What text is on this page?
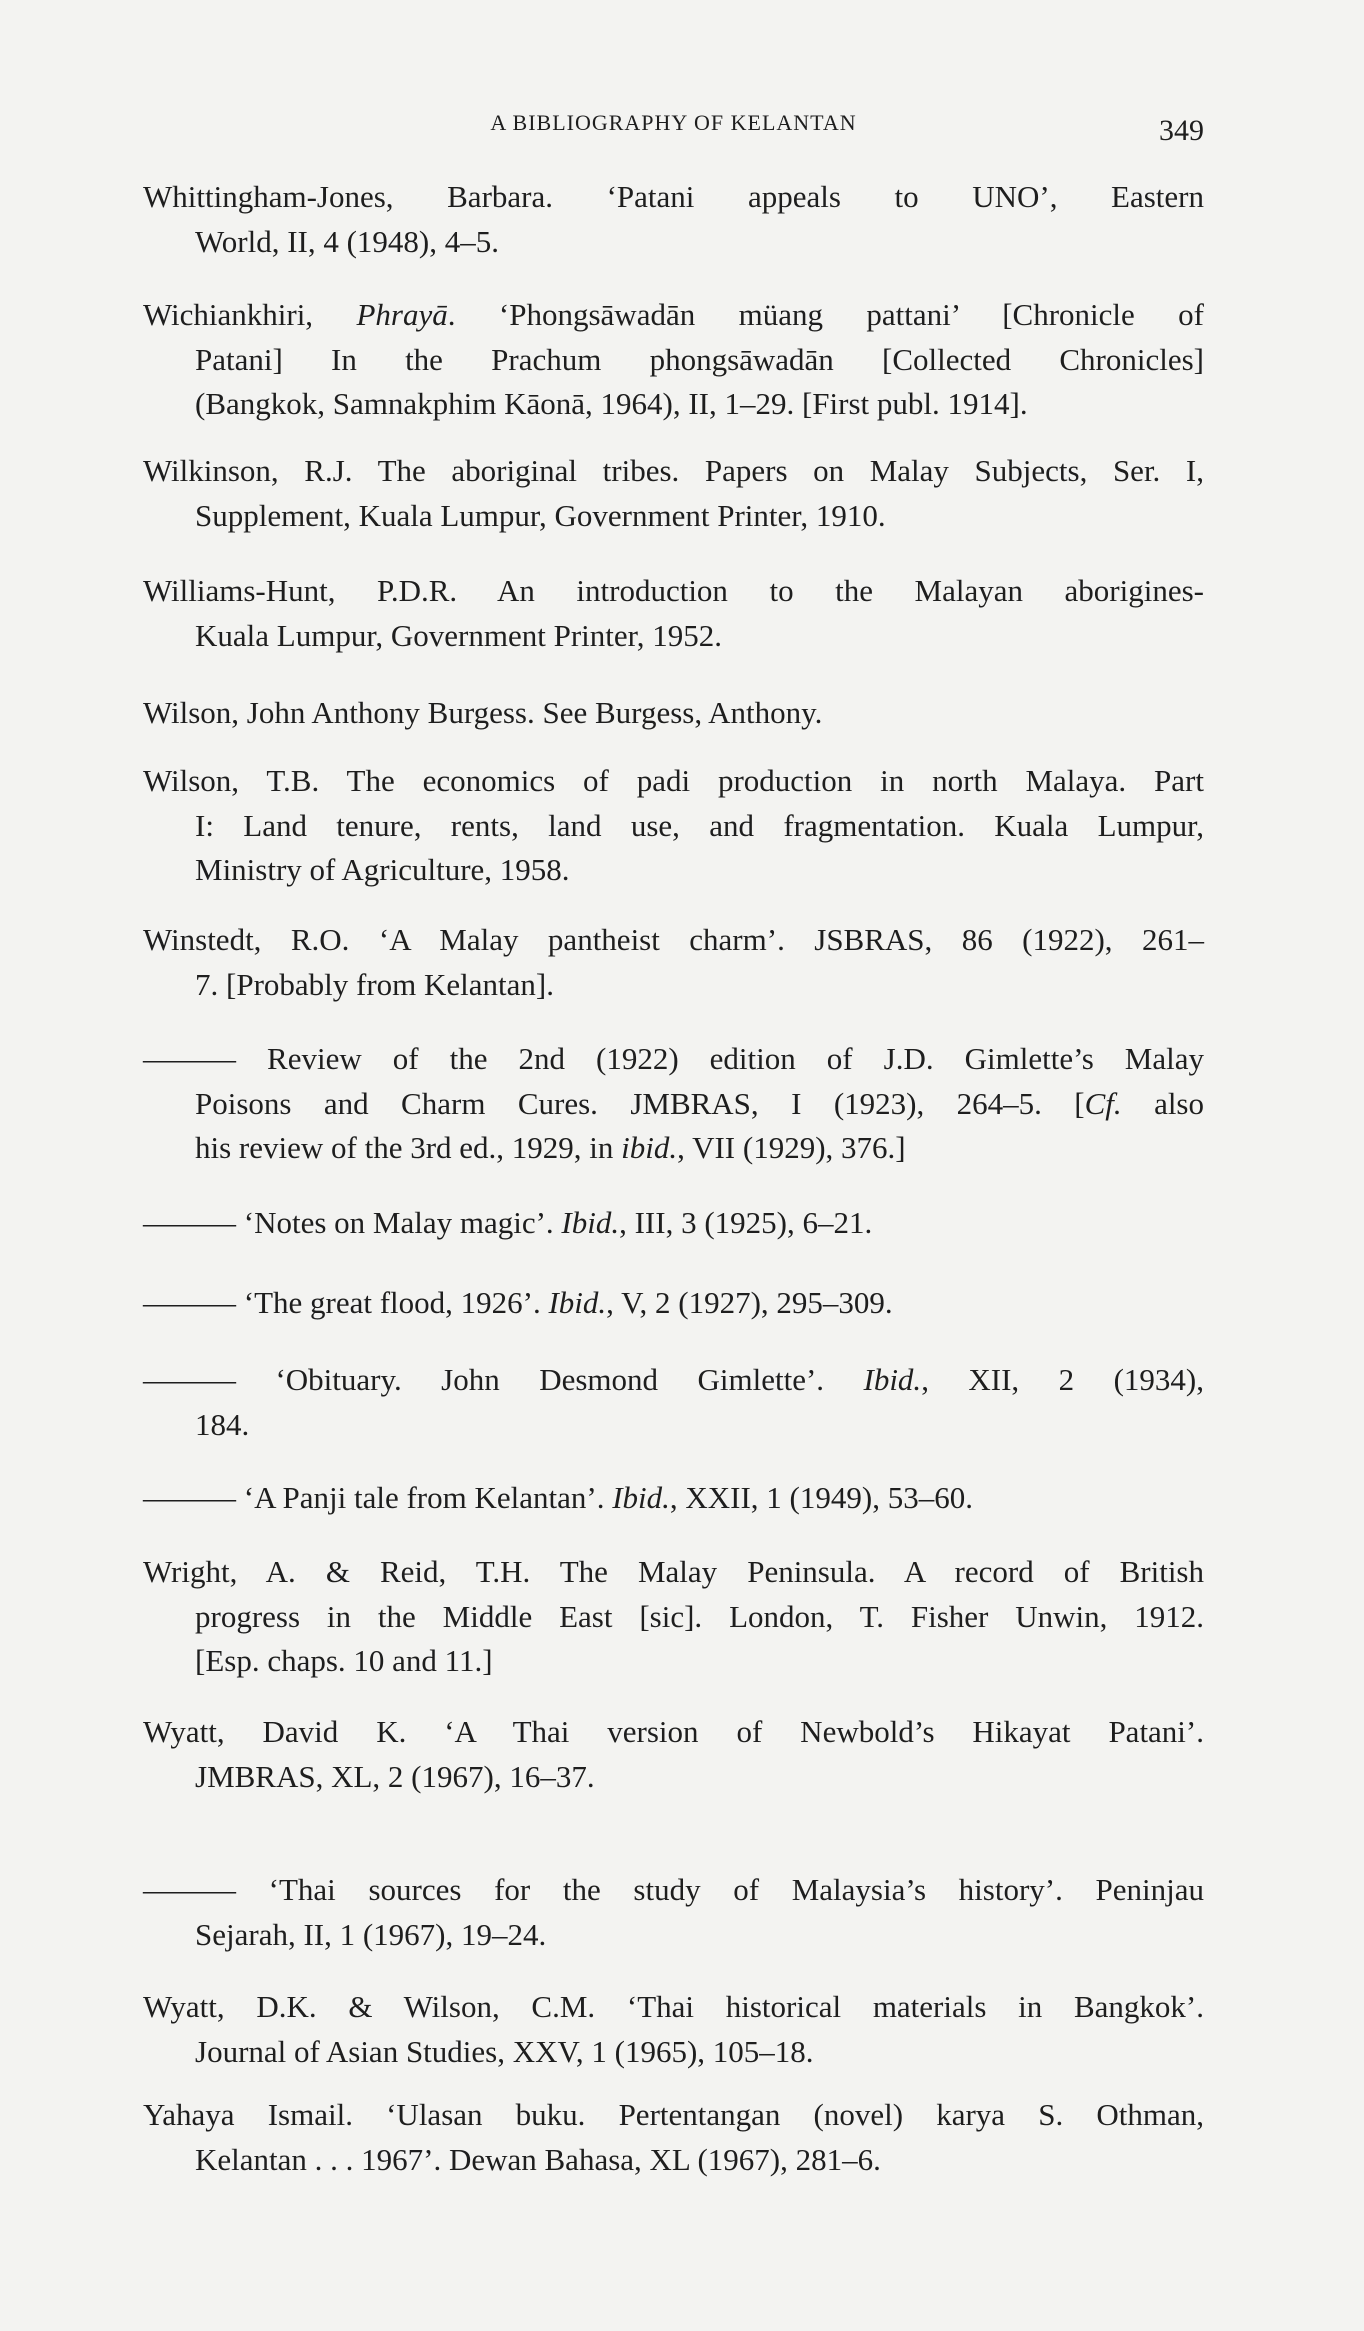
A BIBLIOGRAPHY OF KELANTAN	349
Whittingham-Jones, Barbara. ‘Patani appeals to UNO’, Eastern
World, II, 4 (1948), 4–5.
Wichiankhiri, Phrayā. ‘Phongsāwadān müang pattani’ [Chronicle of
Patani] In the Prachum phongsāwadān [Collected Chronicles]
(Bangkok, Samnakphim Kāonā, 1964), II, 1–29. [First publ. 1914].
Wilkinson, R.J. The aboriginal tribes. Papers on Malay Subjects, Ser. I,
Supplement, Kuala Lumpur, Government Printer, 1910.
Williams-Hunt, P.D.R. An introduction to the Malayan aborigines-
Kuala Lumpur, Government Printer, 1952.
Wilson, John Anthony Burgess. See Burgess, Anthony.
Wilson, T.B. The economics of padi production in north Malaya. Part
I: Land tenure, rents, land use, and fragmentation. Kuala Lumpur,
Ministry of Agriculture, 1958.
Winstedt, R.O. ‘A Malay pantheist charm’. JSBRAS, 86 (1922), 261–
7. [Probably from Kelantan].
——— Review of the 2nd (1922) edition of J.D. Gimlette’s Malay
Poisons and Charm Cures. JMBRAS, I (1923), 264–5. [Cf. also
his review of the 3rd ed., 1929, in ibid., VII (1929), 376.]
——— ‘Notes on Malay magic’. Ibid., III, 3 (1925), 6–21.
——— ‘The great flood, 1926’. Ibid., V, 2 (1927), 295–309.
——— ‘Obituary. John Desmond Gimlette’. Ibid., XII, 2 (1934),
184.
——— ‘A Panji tale from Kelantan’. Ibid., XXII, 1 (1949), 53–60.
Wright, A. & Reid, T.H. The Malay Peninsula. A record of British
progress in the Middle East [sic]. London, T. Fisher Unwin, 1912.
[Esp. chaps. 10 and 11.]
Wyatt, David K. ‘A Thai version of Newbold’s Hikayat Patani’.
JMBRAS, XL, 2 (1967), 16–37.
——— ‘Thai sources for the study of Malaysia’s history’. Peninjau
Sejarah, II, 1 (1967), 19–24.
Wyatt, D.K. & Wilson, C.M. ‘Thai historical materials in Bangkok’.
Journal of Asian Studies, XXV, 1 (1965), 105–18.
Yahaya Ismail. ‘Ulasan buku. Pertentangan (novel) karya S. Othman,
Kelantan . . . 1967’. Dewan Bahasa, XL (1967), 281–6.
